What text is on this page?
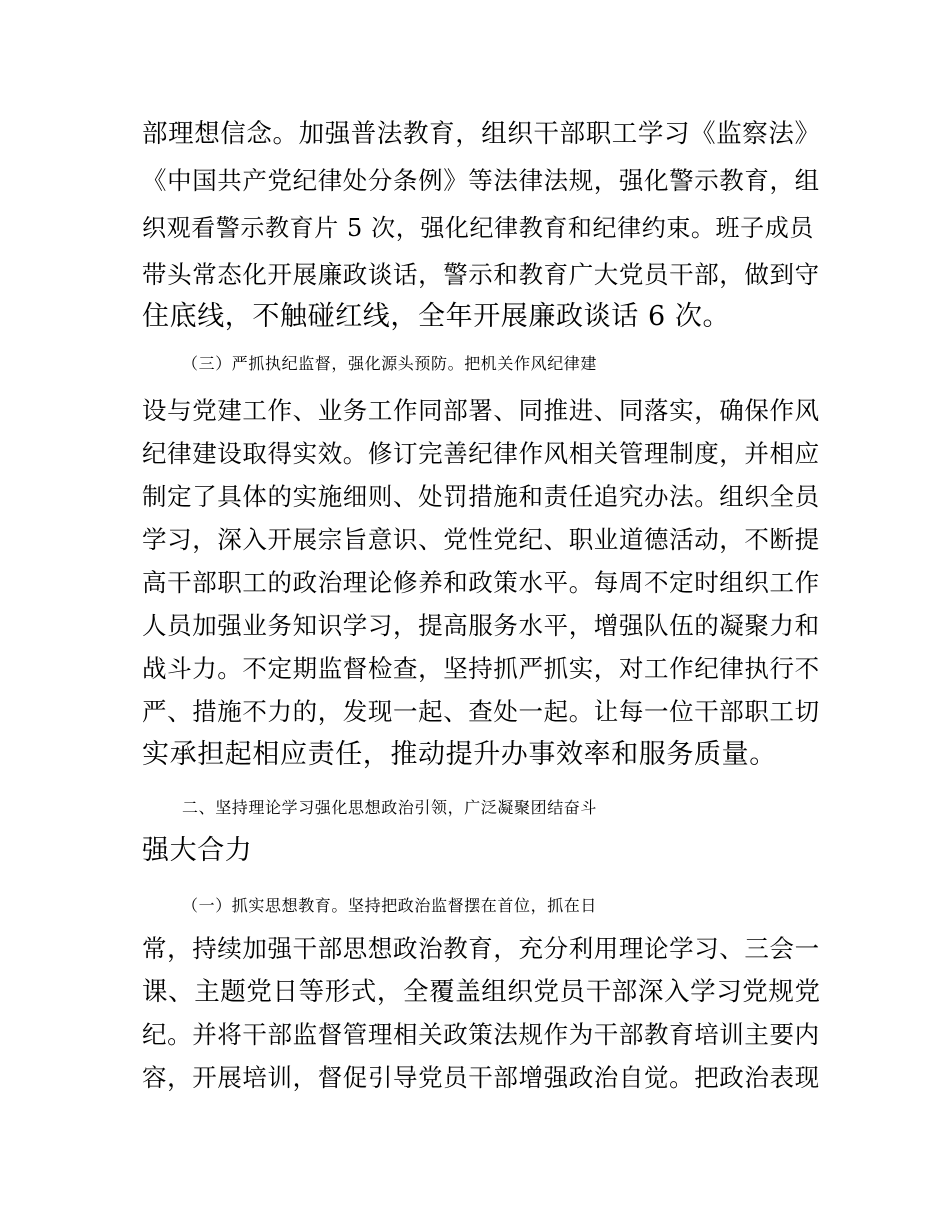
部理想信念。加强普法教育，组织干部职工学习《监察法》
《中国共产党纪律处分条例》等法律法规，强化警示教育，组
织观看警示教育片 5 次，强化纪律教育和纪律约束。班子成员
带头常态化开展廉政谈话，警示和教育广大党员干部，做到守
住底线，不触碰红线，全年开展廉政谈话 6 次。
（三）严抓执纪监督，强化源头预防。把机关作风纪律建
设与党建工作、业务工作同部署、同推进、同落实，确保作风
纪律建设取得实效。修订完善纪律作风相关管理制度，并相应
制定了具体的实施细则、处罚措施和责任追究办法。组织全员
学习，深入开展宗旨意识、党性党纪、职业道德活动，不断提
高干部职工的政治理论修养和政策水平。每周不定时组织工作
人员加强业务知识学习，提高服务水平，增强队伍的凝聚力和
战斗力。不定期监督检查，坚持抓严抓实，对工作纪律执行不
严、措施不力的，发现一起、查处一起。让每一位干部职工切
实承担起相应责任，推动提升办事效率和服务质量。
二、坚持理论学习强化思想政治引领，广泛凝聚团结奋斗
强大合力
（一）抓实思想教育。坚持把政治监督摆在首位，抓在日
常，持续加强干部思想政治教育，充分利用理论学习、三会一
课、主题党日等形式，全覆盖组织党员干部深入学习党规党
纪。并将干部监督管理相关政策法规作为干部教育培训主要内
容，开展培训，督促引导党员干部增强政治自觉。把政治表现
